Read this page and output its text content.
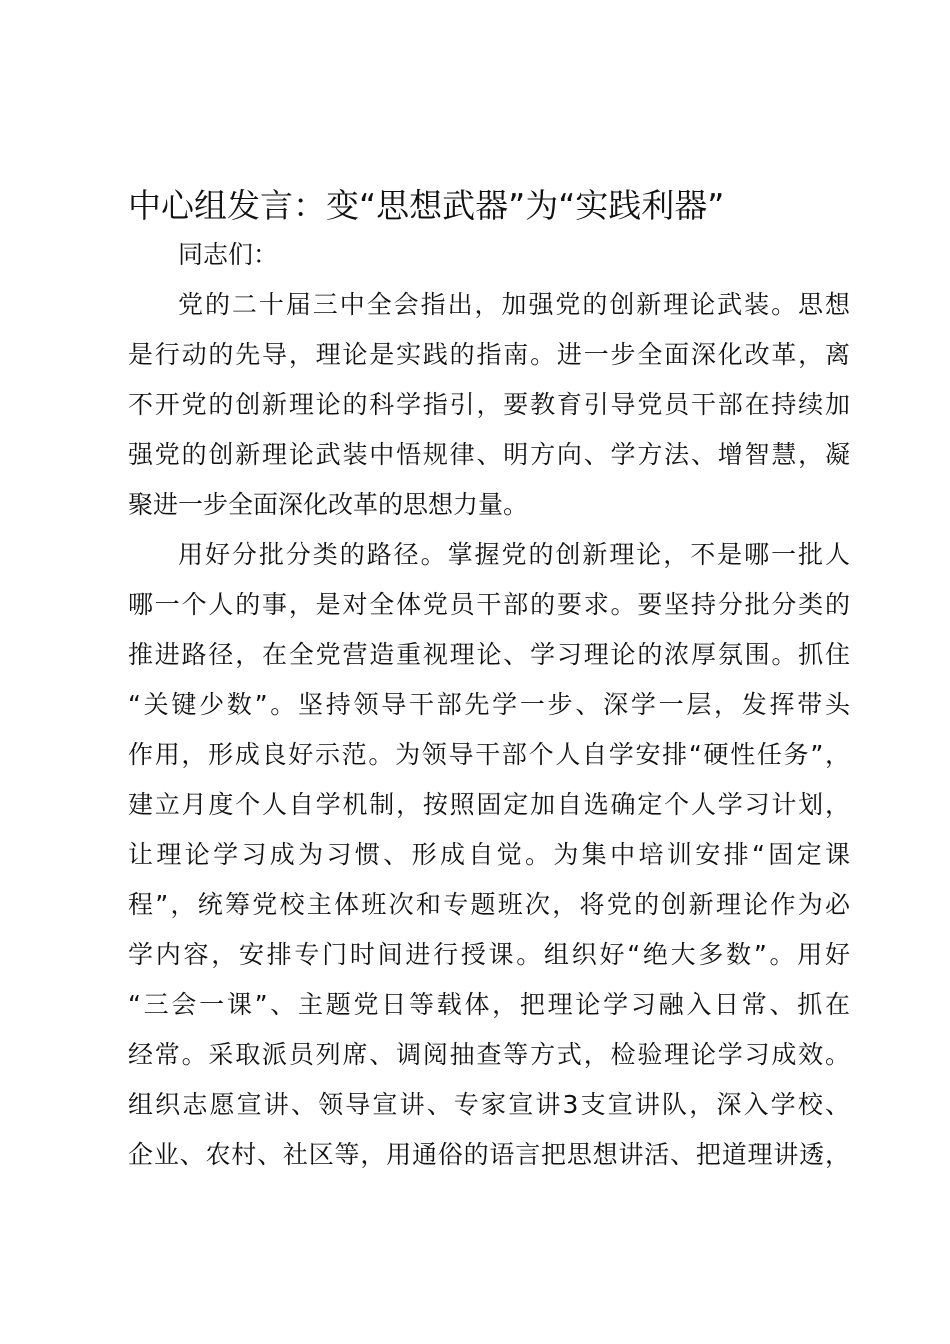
中心组发言：变“思想武器”为“实践利器”
同志们：
党的二十届三中全会指出，加强党的创新理论武装。思想
是行动的先导，理论是实践的指南。进一步全面深化改革，离
不开党的创新理论的科学指引，要教育引导党员干部在持续加
强党的创新理论武装中悟规律、明方向、学方法、增智慧，凝
聚进一步全面深化改革的思想力量。
用好分批分类的路径。掌握党的创新理论，不是哪一批人
哪一个人的事，是对全体党员干部的要求。要坚持分批分类的
推进路径，在全党营造重视理论、学习理论的浓厚氛围。抓住
“关键少数”。坚持领导干部先学一步、深学一层，发挥带头
作用，形成良好示范。为领导干部个人自学安排“硬性任务”，
建立月度个人自学机制，按照固定加自选确定个人学习计划，
让理论学习成为习惯、形成自觉。为集中培训安排“固定课
程”，统筹党校主体班次和专题班次，将党的创新理论作为必
学内容，安排专门时间进行授课。组织好“绝大多数”。用好
“三会一课”、主题党日等载体，把理论学习融入日常、抓在
经常。采取派员列席、调阅抽查等方式，检验理论学习成效。
组织志愿宣讲、领导宣讲、专家宣讲3支宣讲队，深入学校、
企业、农村、社区等，用通俗的语言把思想讲活、把道理讲透，
